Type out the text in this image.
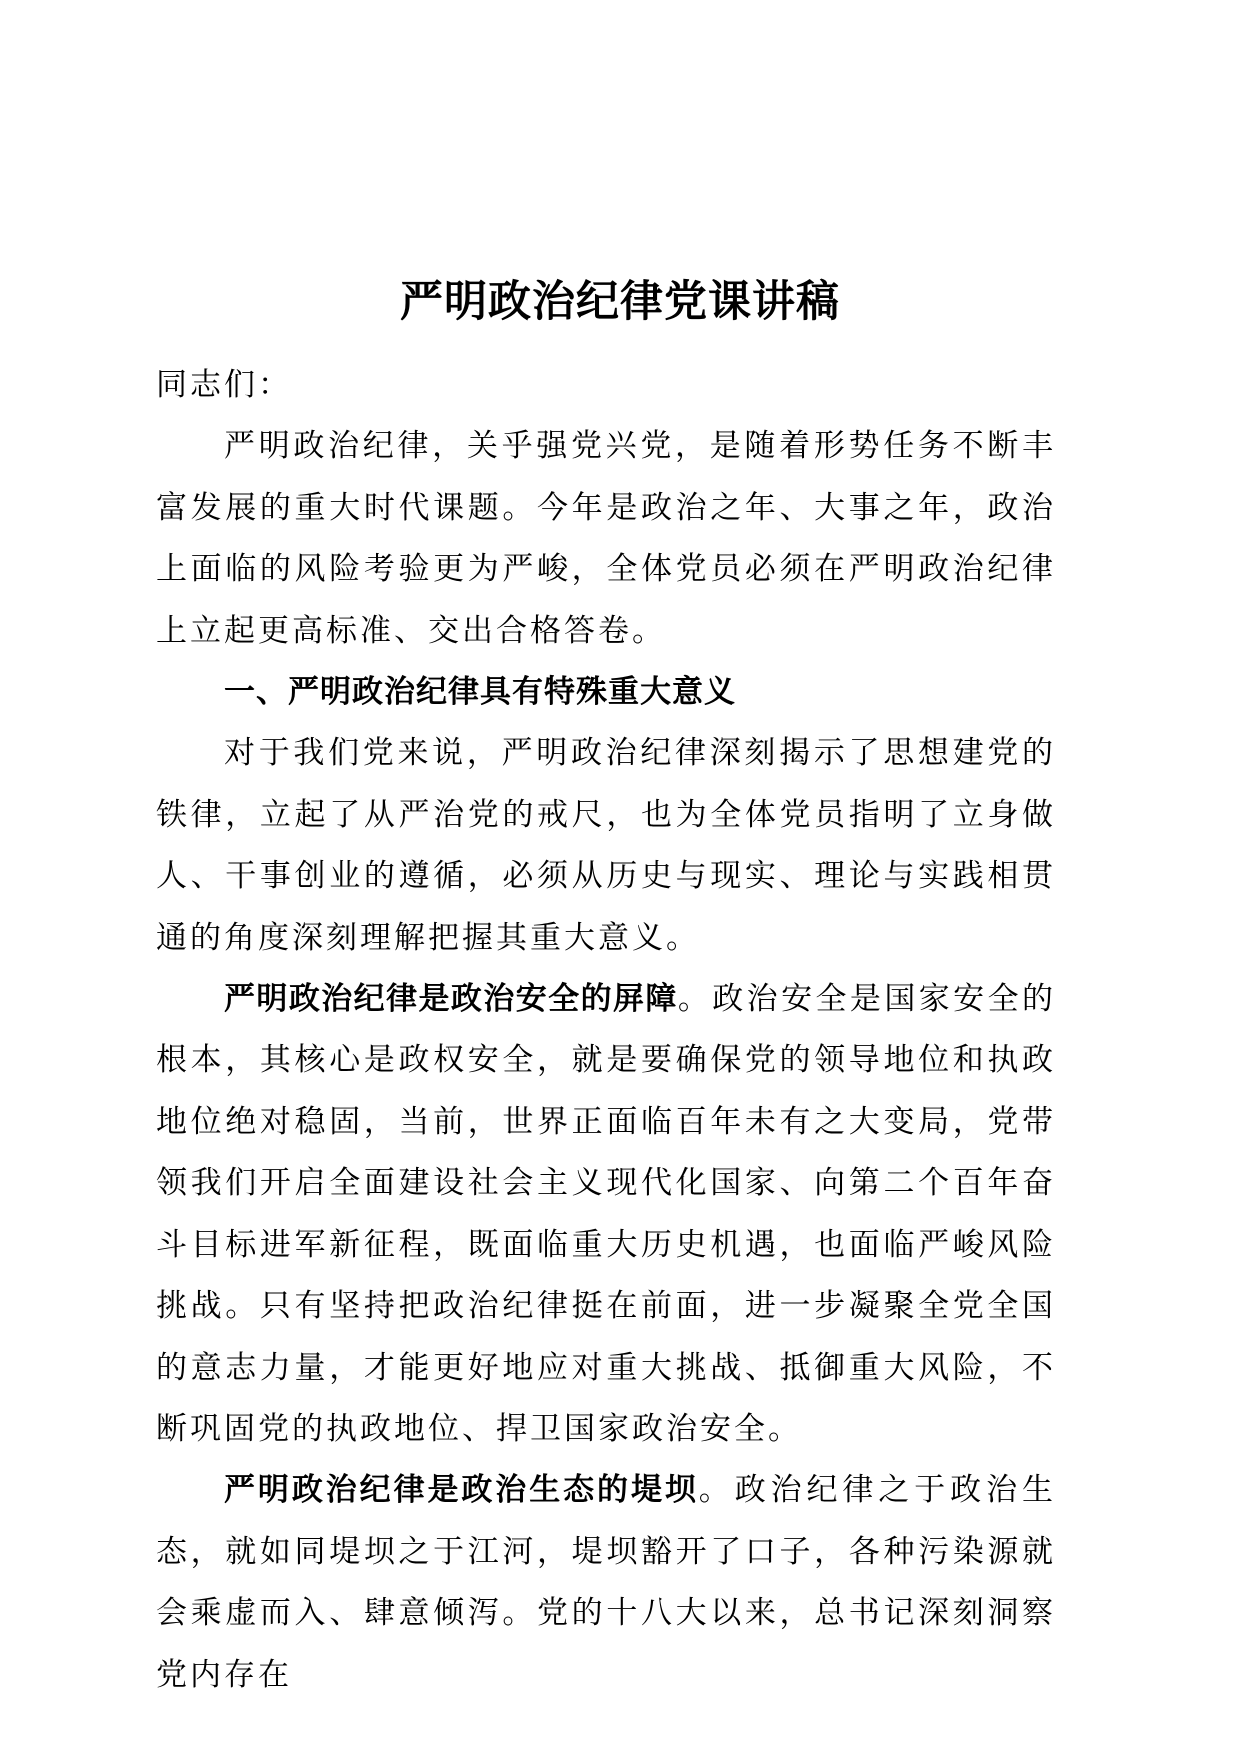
严明政治纪律党课讲稿

同志们：

严明政治纪律，关乎强党兴党，是随着形势任务不断丰富发展的重大时代课题。今年是政治之年、大事之年，政治上面临的风险考验更为严峻，全体党员必须在严明政治纪律上立起更高标准、交出合格答卷。

一、严明政治纪律具有特殊重大意义

对于我们党来说，严明政治纪律深刻揭示了思想建党的铁律，立起了从严治党的戒尺，也为全体党员指明了立身做人、干事创业的遵循，必须从历史与现实、理论与实践相贯通的角度深刻理解把握其重大意义。

严明政治纪律是政治安全的屏障。政治安全是国家安全的根本，其核心是政权安全，就是要确保党的领导地位和执政地位绝对稳固，当前，世界正面临百年未有之大变局，党带领我们开启全面建设社会主义现代化国家、向第二个百年奋斗目标进军新征程，既面临重大历史机遇，也面临严峻风险挑战。只有坚持把政治纪律挺在前面，进一步凝聚全党全国的意志力量，才能更好地应对重大挑战、抵御重大风险，不断巩固党的执政地位、捍卫国家政治安全。

严明政治纪律是政治生态的堤坝。政治纪律之于政治生态，就如同堤坝之于江河，堤坝豁开了口子，各种污染源就会乘虚而入、肆意倾泻。党的十八大以来，总书记深刻洞察党内存在
